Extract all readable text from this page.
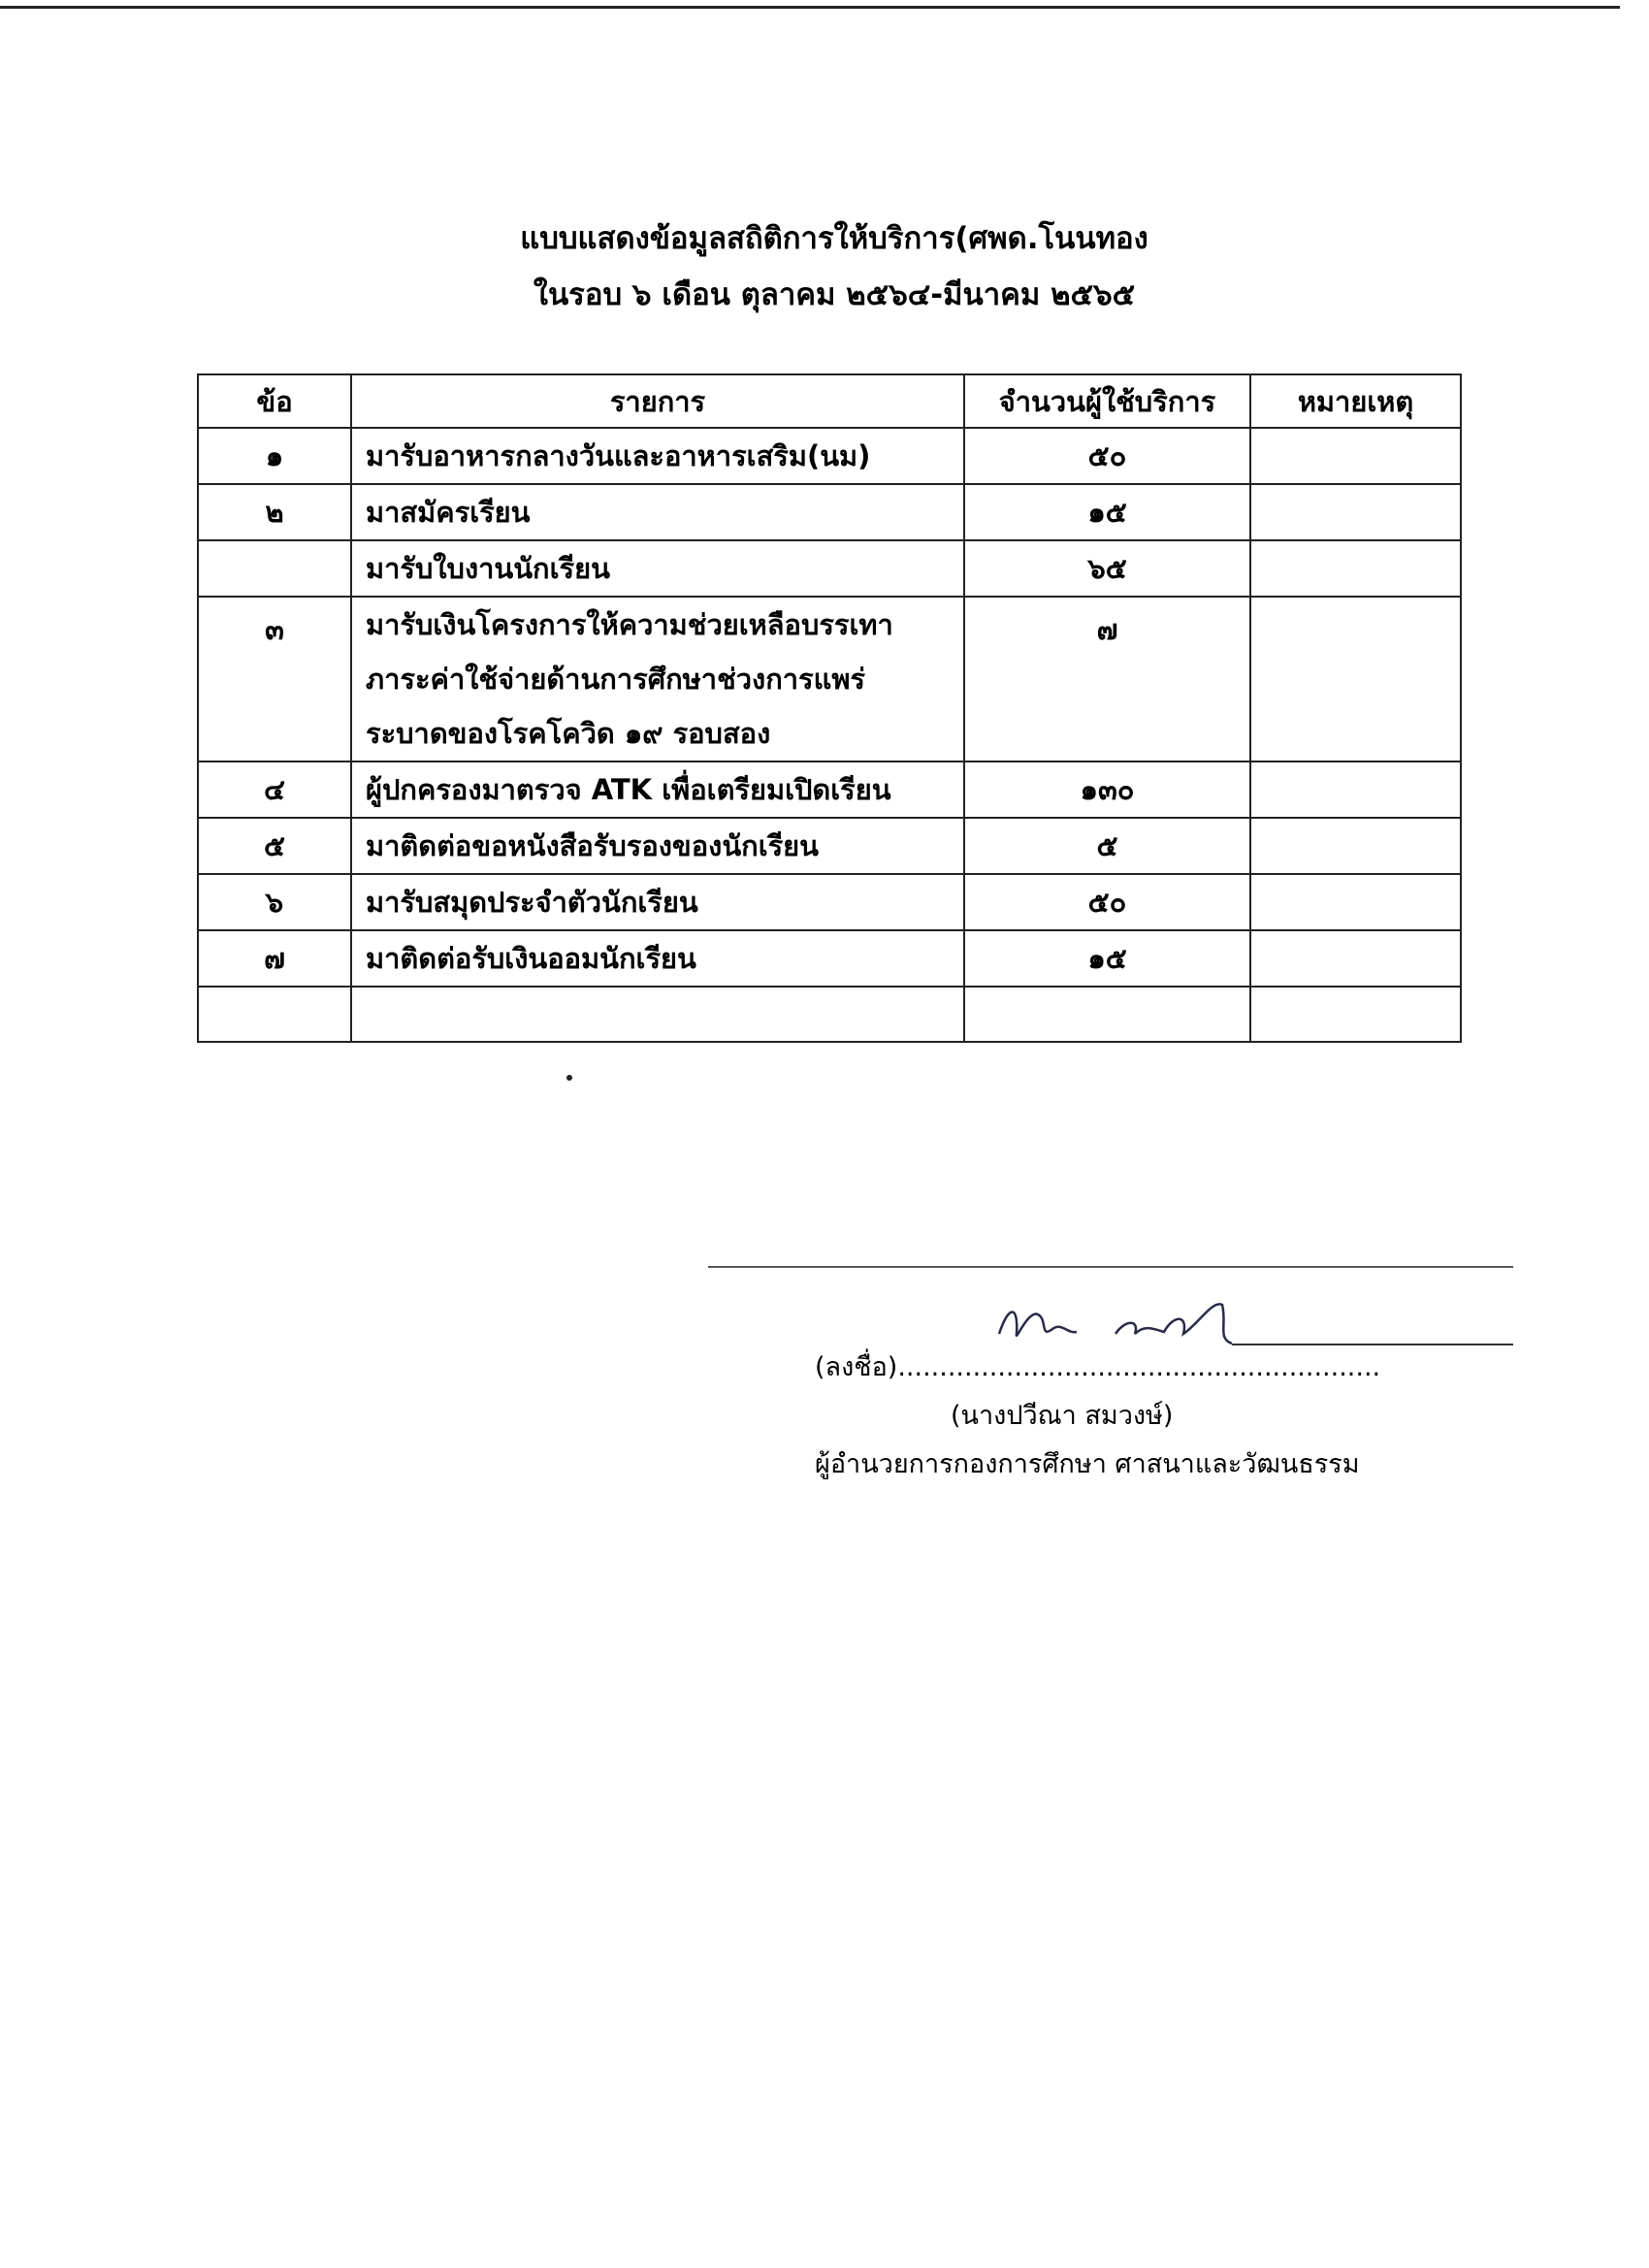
แบบแสดงข้อมูลสถิติการให้บริการ(ศพด.โนนทอง
ในรอบ ๖ เดือน ตุลาคม ๒๕๖๔-มีนาคม ๒๕๖๕
ข้อ	รายการ	จำนวนผู้ใช้บริการ	หมายเหตุ
๑	มารับอาหารกลางวันและอาหารเสริม(นม)	๕๐	
๒	มาสมัครเรียน	๑๕	

	มารับใบงานนักเรียน	๖๕	
๓	มารับเงินโครงการให้ความช่วยเหลือบรรเทา
ภาระค่าใช้จ่ายด้านการศึกษาช่วงการแพร่
ระบาดของโรคโควิด ๑๙ รอบสอง	๗	
๔	ผู้ปกครองมาตรวจ ATK เพื่อเตรียมเปิดเรียน	๑๓๐	
๕	มาติดต่อขอหนังสือรับรองของนักเรียน	๕	
๖	มารับสมุดประจำตัวนักเรียน	๕๐	
๗	มาติดต่อรับเงินออมนักเรียน	๑๕	

(ลงชื่อ)..........................................................
(นางปวีณา สมวงษ์)
ผู้อำนวยการกองการศึกษา ศาสนาและวัฒนธรรม
